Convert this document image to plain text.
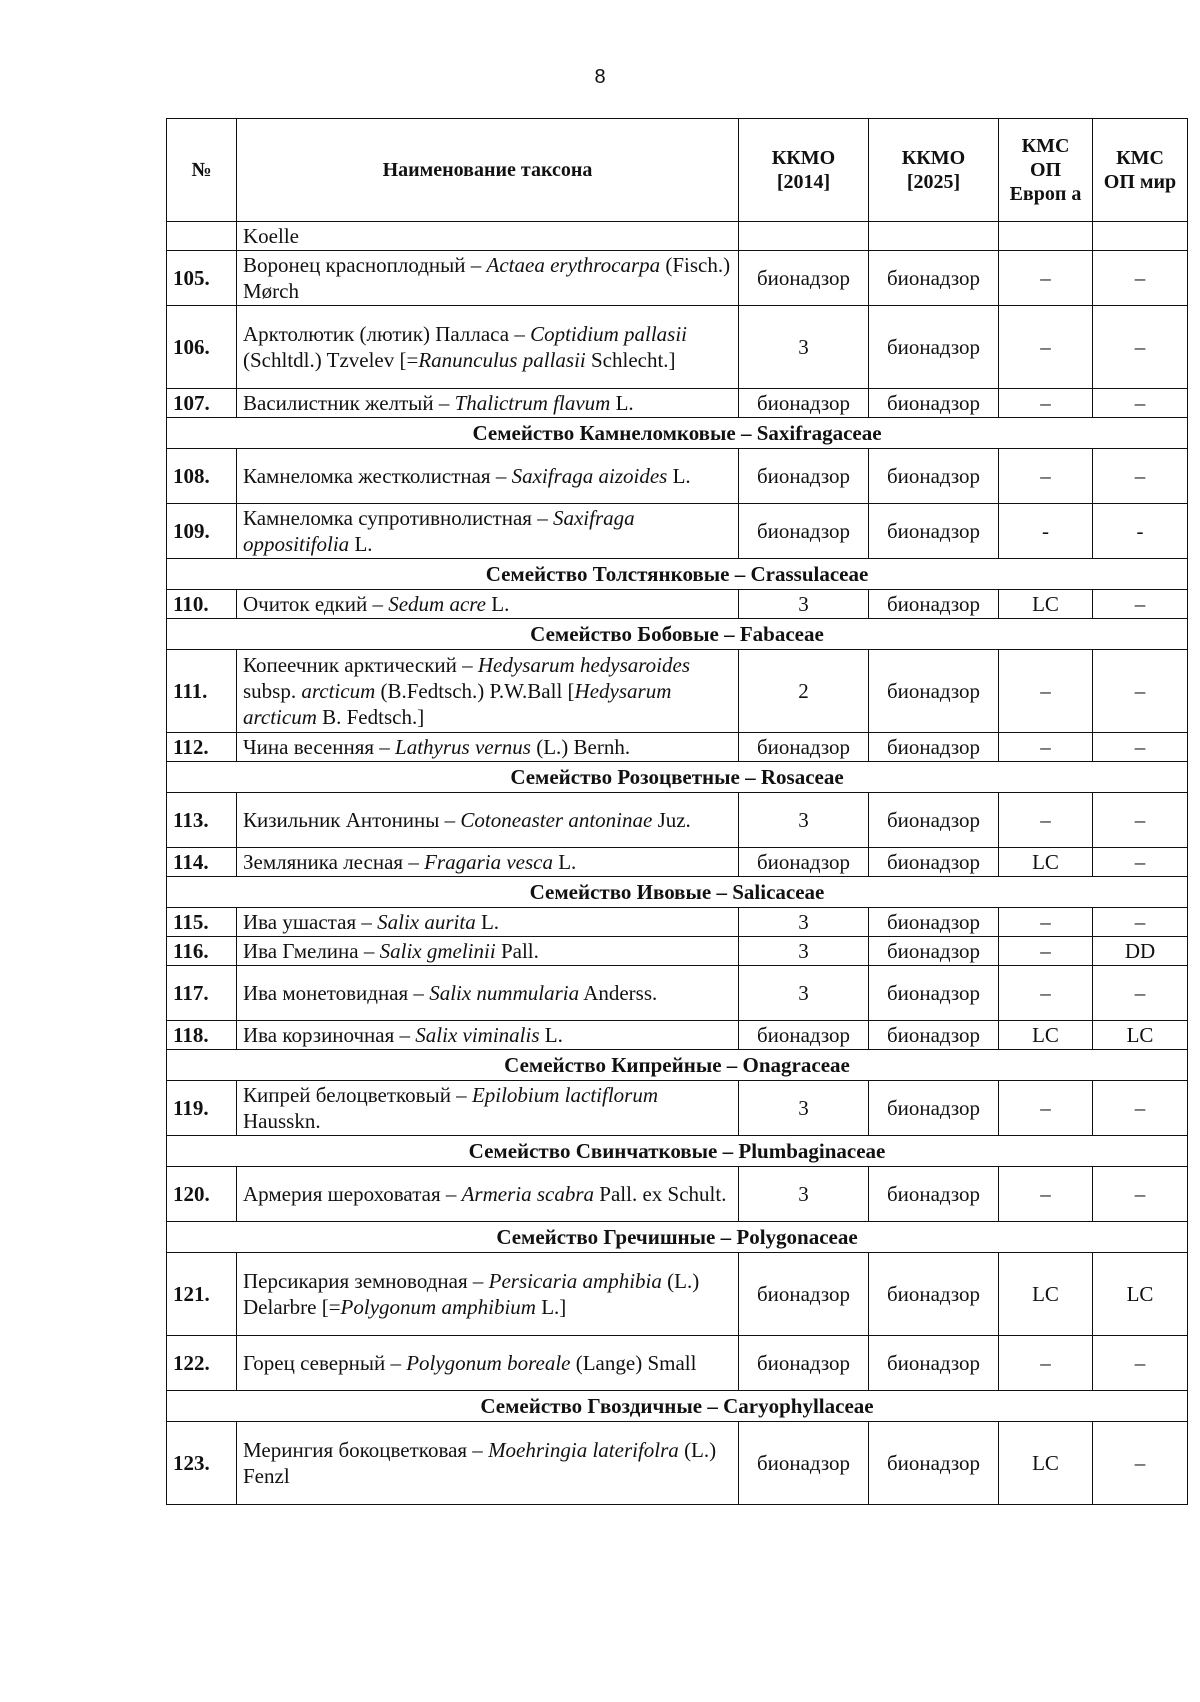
8
№	Наименование таксона	ККМО [2014]	ККМО [2025]	КМС ОП Европ а	КМС ОП мир
	Koelle				
105.	Воронец красноплодный – Actaea erythrocarpa (Fisch.) Mørch	бионадзор	бионадзор	–	–
106.	Арктолютик (лютик) Палласа – Coptidium pallasii (Schltdl.) Tzvelev [=Ranunculus pallasii Schlecht.]	3	бионадзор	–	–
107.	Василистник желтый – Thalictrum flavum L.	бионадзор	бионадзор	–	–
Семейство Камнеломковые – Saxifragaceae					
108.	Камнеломка жестколистная – Saxifraga aizoides L.	бионадзор	бионадзор	–	–
109.	Камнеломка супротивнолистная – Saxifraga oppositifolia L.	бионадзор	бионадзор	-	-
Семейство Толстянковые – Crassulaceae					
110.	Очиток едкий – Sedum acre L.	3	бионадзор	LC	–
Семейство Бобовые – Fabaceae					
111.	Копеечник арктический – Hedysarum hedysaroides subsp. arcticum (B.Fedtsch.) P.W.Ball [Hedysarum arcticum B. Fedtsch.]	2	бионадзор	–	–
112.	Чина весенняя – Lathyrus vernus (L.) Bernh.	бионадзор	бионадзор	–	–
Семейство Розоцветные – Rosaceae					
113.	Кизильник Антонины – Cotoneaster antoninae Juz.	3	бионадзор	–	–
114.	Земляника лесная – Fragaria vesca L.	бионадзор	бионадзор	LC	–
Семейство Ивовые – Salicaceae					
115.	Ива ушастая – Salix aurita L.	3	бионадзор	–	–
116.	Ива Гмелина – Salix gmelinii Pall.	3	бионадзор	–	DD
117.	Ива монетовидная – Salix nummularia Anderss.	3	бионадзор	–	–
118.	Ива корзиночная – Salix viminalis L.	бионадзор	бионадзор	LC	LC
Семейство Кипрейные – Onagraceae					
119.	Кипрей белоцветковый – Epilobium lactiflorum Hausskn.	3	бионадзор	–	–
Семейство Свинчатковые – Plumbaginaceae					
120.	Армерия шероховатая – Armeria scabra Pall. ex Schult.	3	бионадзор	–	–
Семейство Гречишные – Polygonaceae					
121.	Персикария земноводная – Persicaria amphibia (L.) Delarbre [=Polygonum amphibium L.]	бионадзор	бионадзор	LC	LC
122.	Горец северный – Polygonum boreale (Lange) Small	бионадзор	бионадзор	–	–
Семейство Гвоздичные – Caryophyllaceae					
123.	Мерингия бокоцветковая – Moehringia laterifolra (L.) Fenzl	бионадзор	бионадзор	LC	–
